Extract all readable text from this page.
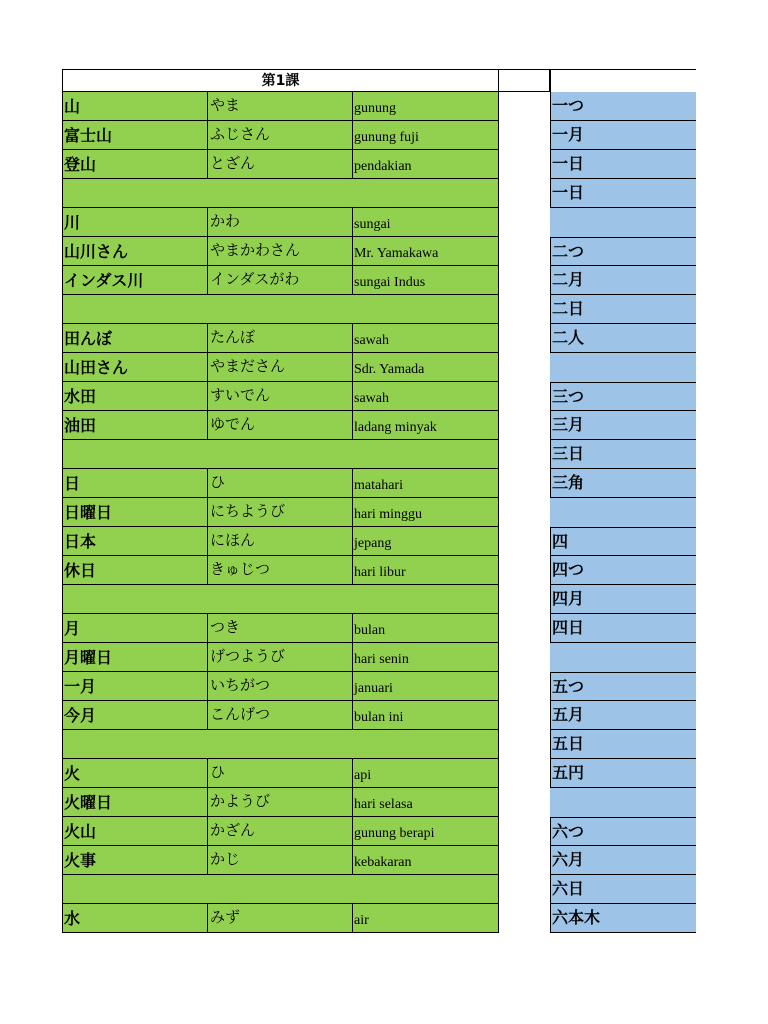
第1課
山	やま	gunung
富士山	ふじさん	gunung fuji
登山	とざん	pendakian
川	かわ	sungai
山川さん	やまかわさん	Mr. Yamakawa
インダス川	インダスがわ	sungai Indus
田んぼ	たんぼ	sawah
山田さん	やまださん	Sdr. Yamada
水田	すいでん	sawah
油田	ゆでん	ladang minyak
日	ひ	matahari
日曜日	にちようび	hari minggu
日本	にほん	jepang
休日	きゅじつ	hari libur
月	つき	bulan
月曜日	げつようび	hari senin
一月	いちがつ	januari
今月	こんげつ	bulan ini
火	ひ	api
火曜日	かようび	hari selasa
火山	かざん	gunung berapi
火事	かじ	kebakaran
水	みず	air
一つ
一月
一日
一日
二つ
二月
二日
二人
三つ
三月
三日
三角
四
四つ
四月
四日
五つ
五月
五日
五円
六つ
六月
六日
六本木
